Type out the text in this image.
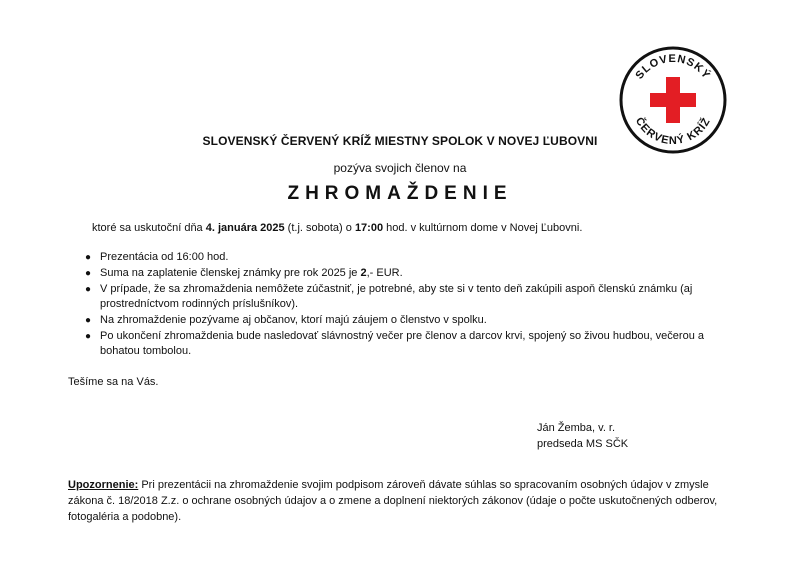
SLOVENSKÝ
ČERVENÝ KRÍŽ
SLOVENSKÝ ČERVENÝ KRÍŽ MIESTNY SPOLOK V NOVEJ ĽUBOVNI
pozýva svojich členov na
ZHROMAŽDENIE
ktoré sa uskutoční dňa 4. januára 2025 (t.j. sobota) o 17:00 hod. v kultúrnom dome v Novej Ľubovni.
● Prezentácia od 16:00 hod.
● Suma na zaplatenie členskej známky pre rok 2025 je 2,- EUR.
● V prípade, že sa zhromaždenia nemôžete zúčastniť, je potrebné, aby ste si v tento deň zakúpili aspoň členskú známku (aj prostredníctvom rodinných príslušníkov).
● Na zhromaždenie pozývame aj občanov, ktorí majú záujem o členstvo v spolku.
● Po ukončení zhromaždenia bude nasledovať slávnostný večer pre členov a darcov krvi, spojený so živou hudbou, večerou a bohatou tombolou.
Tešíme sa na Vás.
Ján Žemba, v. r.
predseda MS SČK
Upozornenie: Pri prezentácii na zhromaždenie svojim podpisom zároveň dávate súhlas so spracovaním osobných údajov v zmysle zákona č. 18/2018 Z.z. o ochrane osobných údajov a o zmene a doplnení niektorých zákonov (údaje o počte uskutočnených odberov, fotogaléria a podobne).
